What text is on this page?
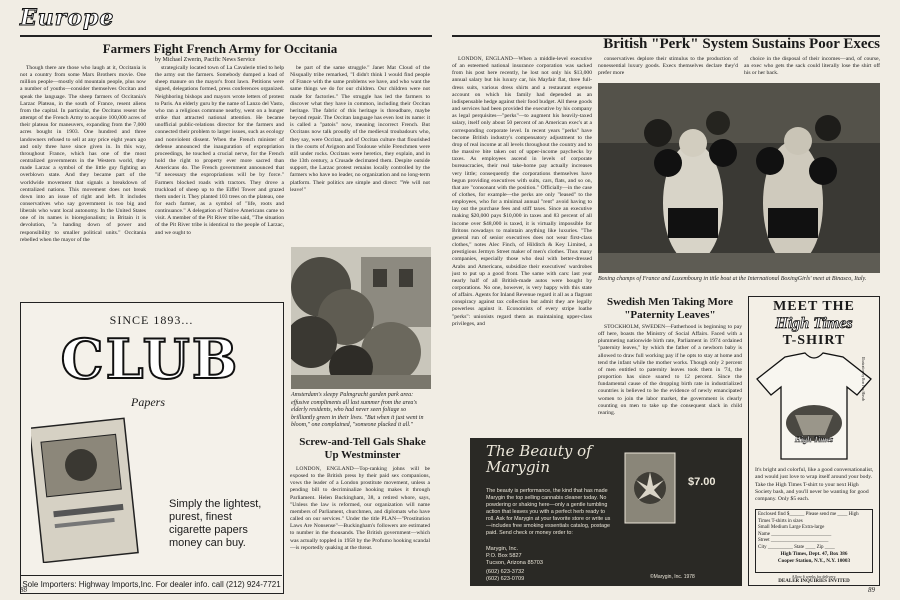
Europe
Farmers Fight French Army for Occitania
by Michael Zwerin, Pacific News Service

Though there are those who laugh at it, Occitania is not a country from some Marx Brothers movie. One million people—mostly old mountain people, plus now a number of youths—consider themselves Occitan and speak the language. The sheep farmers of Occitania's Larzac Plateau, in the south of France, resent aliens from the capital. In particular, the Occitans resent the attempt of the French Army to acquire 100,000 acres of their plateau for maneuvers, expanding from the 7,000 acres bought in 1903. One hundred and three landowners refused to sell at any price eight years ago and only three have since given in. In this way, throughout France, which has one of the most centralized governments in the Western world, they made Larzac a symbol of the little guy fighting an overblown state. And they became part of the worldwide movement that signals a breakdown of centralized nations. This movement does not break down into an issue of right and left. It includes conservatives who say government is too big and liberals who want local autonomy. In the United States one of its names is bioregionalism; in Britain it is devolution, "a handing down of power and responsibility to smaller political units." Occitania rebelled when the mayor of the

strategically located town of La Cavalerie tried to help the army out the farmers. Somebody dumped a load of sheep manure on the mayor's front lawn. Petitions were signed, delegations formed, press conferences organized. Neighboring bishops and mayors wrote letters of protest to Paris. An elderly guru by the name of Lanzo del Vasto, who ran a religious commune nearby, went on a hunger strike that attracted national attention. He became unofficial public-relations director for the farmers and connected their problem to larger issues, such as ecology and nonviolent dissent. When the French minister of defense announced the inauguration of expropriation proceedings, he touched a crucial nerve, for the French hold the right to property ever more sacred than Americans do. The French government announced that "if necessary the expropriations will be by force." Farmers blocked roads with tractors. They drove a truckload of sheep up to the Eiffel Tower and grazed them under it. They planted 103 trees on the plateau, one for each farmer, as a symbol of "life, roots and continuance." A delegation of Native Americans came to visit. A member of the Pit River tribe said, "The situation of the Pit River tribe is identical to the people of Larzac, and we ought to

be part of the same struggle." Janet Mat Cloud of the Nisqually tribe remarked, "I didn't think I would find people of France with the same problems we have, and who want the same things we do for our children. Our children were not made for factories." The struggle has led the farmers to discover what they have in common, including their Occitan heritage. The fabric of this heritage is threadbare, maybe beyond repair. The Occitan language has even lost its name: it is called a "patois" now, meaning incorrect French. But Occitans now talk proudly of the medieval troubadours who, they say, were Occitan, and of Occitan culture that flourished in the courts of Avignon and Toulouse while Frenchmen were still under rocks. Occitans were heretics, they explain, and in the 13th century, a Crusade decimated them. Despite outside support, the Larzac protest remains locally controlled by the farmers who have no leader, no organization and no long-term platform. Their politics are simple and direct: "We will not leave!"

Amsterdam's sleepy Palmgracht garden park area: effusive compliments all last summer from the area's elderly residents, who had never seen foliage so brilliantly green in their lives. "But when it just went in bloom," one complained, "someone plucked it all."
Screw-and-Tell Gals Shake Up Westminster

LONDON, ENGLAND—Top-ranking johns will be exposed to the British press by their paid sex companions, vows the leader of a London prostitute movement, unless a pending bill to decriminalize hooking makes it through Parliament. Helen Buckingham, 38, a retired whore, says, "Unless the law is reformed, our organization will name members of Parliament, churchmen, and diplomats who have called on our services." Under the title PLAN—"Prostitution Laws Are Nonsense"—Buckingham's followers are estimated to number in the thousands. The British government—which was actually toppled in 1958 by the Profumo hooking scandal—is reportedly quaking at the threat.

SINCE 1893...
CLUB
Papers
Simply the lightest, purest, finest cigarette papers money can buy.
Sole Importers: Highway Imports,Inc. For dealer info. call (212) 924-7721
88
British "Perk" System Sustains Poor Execs

LONDON, ENGLAND—When a middle-level executive of an esteemed national insurance corporation was sacked from his post here recently, he lost not only his $13,000 annual salary but his luxury car, his Mayfair flat, three full-dress suits, various dress shirts and a restaurant expense account on which his family had depended as an indispensable hedge against their food budget. All these goods and services had been provided the executive by his company as legal perquisites—"perks"—to augment his heavily-taxed salary, itself only about 50 percent of an American exec's at a corresponding corporate level. In recent years "perks" have become British industry's compensatory adjustment to the drop of real income at all levels throughout the country and to the massive bite taken out of upper-income paychecks by taxes. As employees ascend in levels of corporate bureaucracies, their real take-home pay actually increases very little; consequently the corporations themselves have begun providing executives with suits, cars, flats, and so on, that are "consonant with the position." Officially—in the case of clothes, for example—the perks are only "leased" to the employees, who for a minimal annual "rent" avoid having to lay out the purchase fees and stiff taxes. Since an executive making $20,000 pays $10,000 in taxes and 83 percent of all income over $48,000 is taxed, it is virtually impossible for Britons nowadays to maintain anything like luxuries. "The general run of senior executives does not wear first-class clothes," notes Alec Finch, of Hilditch & Key Limited, a prestigious Jermyn Street maker of men's clothes. Thus many companies, especially those who deal with better-dressed Arabs and Americans, subsidize their executives' wardrobes just to put up a good front. The same with cars: last year nearly half of all British-made autos were bought by corporations. No one, however, is very happy with this state of affairs. Agents for Inland Revenue regard it all as a flagrant conspiracy against tax collection but admit they are legally powerless against it. Economists of every stripe loathe "perks": unionists regard them as maintaining upper-class privileges, and

conservatives deplore their stimulus to the production of nonessential luxury goods. Execs themselves declare they'd prefer more

choice in the disposal of their incomes—and, of course, an exec who gets the sack could literally lose the shirt off his or her back.

Boxing champs of France and Luxembourg in title bout at the International BoxingGirls' meet at Binasco, Italy.
Swedish Men Taking More "Paternity Leaves"

STOCKHOLM, SWEDEN—Fatherhood is beginning to pay off here, boasts the Ministry of Social Affairs. Faced with a plummeting nationwide birth rate, Parliament in 1974 ordained "paternity leaves," by which the father of a newborn baby is allowed to draw full working pay if he opts to stay at home and tend the infant while the mother works. Though only 2 percent of men entitled to paternity leaves took them in '74, the proportion has since soared to 12 percent. Since the fundamental cause of the dropping birth rate in industrialized countries is believed to be the evidence of newly emancipated women to join the labor market, the government is clearly counting on men to take up the consequent slack in child rearing.

The Beauty of Marygin
$7.00
The beauty is performance, the kind that has made Marygin the top selling cannabis cleaner today. No powdering or shaking here—only a gentle tumbling action that leaves you with a perfect herb ready to roll. Ask for Marygin at your favorite store or write us—includes free smoking essentials catalog, postage paid. Send check or money order to:
Marygin, Inc.
P.O. Box 5827
Tucson, Arizona 85703
(602) 623-3732
(602) 623-0709	©Marygin, Inc. 1978
MEET THE
High Times
T-SHIRT
High Times
Illustration by Ron Fox Hirsch
It's bright and colorful, like a good conversationalist, and would just love to wrap itself around your body. Take the High Times T-shirt to your next High Society bash, and you'll never be wanting for good company. Only $5 each.
Enclosed find $______ Please send me ____ High Times T-shirts in sizes
Small Medium Large Extra-large
Name ________________________
Street _______________________
City __________ State ____ Zip ____
High Times, Dept. 47, Box 386
Cooper Station, N.Y., N.Y. 10003
Allow 6 weeks for delivery.
DEALER INQUIRIES INVITED
89
